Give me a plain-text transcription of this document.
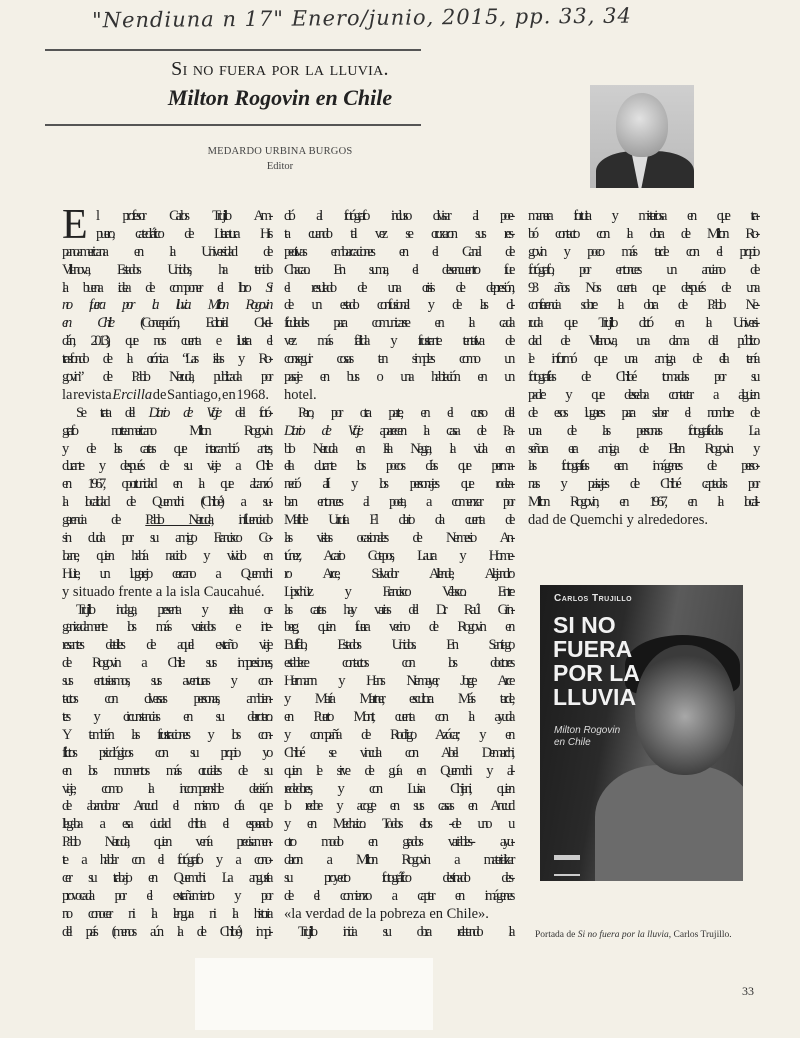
"Nendiuna n 17" Enero/junio, 2015, pp. 33, 34
Si no fuera por la lluvia.
Milton Rogovin en Chile
MEDARDO URBINA BURGOS
Editor
E l profesor Carlos Trujillo Am-
puero, catedrático de Literatura His
panoamericana en la Universidad de
Villanova, Estados Unidos, ha tenido
la buena idea de componer el libro Si
no fuera por la lluvia. Milton Rogovin
en Chile (Concepción, Editorial Okel-
dán, 2013), que nos cuenta e ilustra el
trasfondo de la crónica “Las islas y Ro-
govin” de Pablo Neruda, publicada por
la revista Ercilla de Santiago, en 1968.
Se trata del Diario de Viaje del fotó-
grafo norteamericano Milton Rogovin
y de las cartas que intercambió antes,
durante y después de su viaje a Chile
en 1967, oportunidad en la que alcanzó
la localidad de Quemchi (Chiloé) a su-
gerencia de Pablo Neruda, influenciado
sin duda por su amigo Francisco Co-
loane, quien había nacido y vivido en
Huite, un lugarejo cercano a Quemchi
y situado frente a la isla Caucahué.
Trujillo indaga, presenta y relata or-
ganizadamente los más variados e inte-
resantes detalles de aquel extraño viaje
de Rogovin a Chile: sus impresiones,
sus entusiasmos, sus aventuras y con-
tactos con diversas personas, ambien-
tes y circunstancias en su derrotero.
Y también las frustraciones y los con-
flictos psicológicos con su propio yo
en los momentos más cruciales de su
viaje, como la incomprensible decisión
de abandonar Ancud el mismo día que
llegaba a esa ciudad chilota el esperado
Pablo Neruda, quien venía precisamen-
te a hablar con el fotógrafo y a cono-
cer su trabajo en Quemchi. La angustia
provocada por el extrañamiento y por
no conocer ni la lengua ni la historia
del país (menos aún la de Chiloé) impi-
dió al fotógrafo incluso divisar al poe-
ta cuando tal vez se cruzaron sus res-
pectivas embarcaciones en el Canal de
Chacao. En suma, el desencuentro fue
el resultado de una crisis de depresión,
de un estado confusional y de las di-
ficultades para comunicarse en la cada
vez más fallida y frustrante tentativa de
conseguir cosas tan simples como un
pasaje en bus o una habitación en un
hotel.
Pero, por otra parte, en el curso del
Diario de Viaje aparecen la casa de Pa-
blo Neruda en Isla Negra, la vida en
ella durante los pocos días que perma-
neció allí y los personajes que rodea-
ban entonces al poeta, a comenzar por
Matilde Urrutia. El diario da cuenta de
las visitas ocasionales de Nemesio An-
túnez, Acario Cotapos, Laura y Home-
ro Arce, Salvador Allende, Alejandro
Lipschütz y Francisco Velasco. Entre
las cartas hay varias del Dr. Raúl Grin-
berg, quien fuera vecino de Rogovin en
Buffalo, Estados Unidos. En Santiago
establece contactos con los doctores
Hermann y Hans Niemayer, Jorge Arce
y María Martner, escultora. Más tarde,
en Puerto Montt, cuenta con la ayuda
y compañía de Rodrigo Azócar; y en
Chiloé se vincula con Abel Demarchi,
quien le sirve de guía en Quemchi y al-
rededores, y con Luisa Chijani, quien
lo recibe y acoge en sus casas en Ancud
y en Mechaico. Todos ellos --de uno u
otro modo en grados variables-- ayu-
daron a Milton Rogovin a materializar
su proyecto fotográfico destinado des-
de el comienzo a captar en imágenes
«la verdad de la pobreza en Chile».
Trujillo inicia su obra relatando la
manera fortuita y misteriosa en que tra-
bó contacto con la obra de Milton Ro-
govin y poco más tarde con el propio
fotógrafo, por entonces un anciano de
93 años. Nos cuenta que después de una
conferencia sobre la obra de Pablo Ne-
ruda que Trujillo dictó en la Universi-
dad de Villanova, una dama del público
le informó que una amiga de ella tenía
fotografías de Chiloé tomadas por su
padre y que deseaba contactar a alguien
de esos lugares para saber el nombre de
una de las personas fotografiadas. La
señora era amiga de Ellen Rogovin y
las fotografías eran imágenes de perso-
nas y paisajes de Chiloé captadas por
Milton Rogovin, en 1967, en la locali-
dad de Quemchi y alrededores.
Carlos Trujillo
SI NO FUERA POR LA LLUVIA
Milton Rogovin en Chile
Portada de Si no fuera por la lluvia, Carlos Trujillo.
33
